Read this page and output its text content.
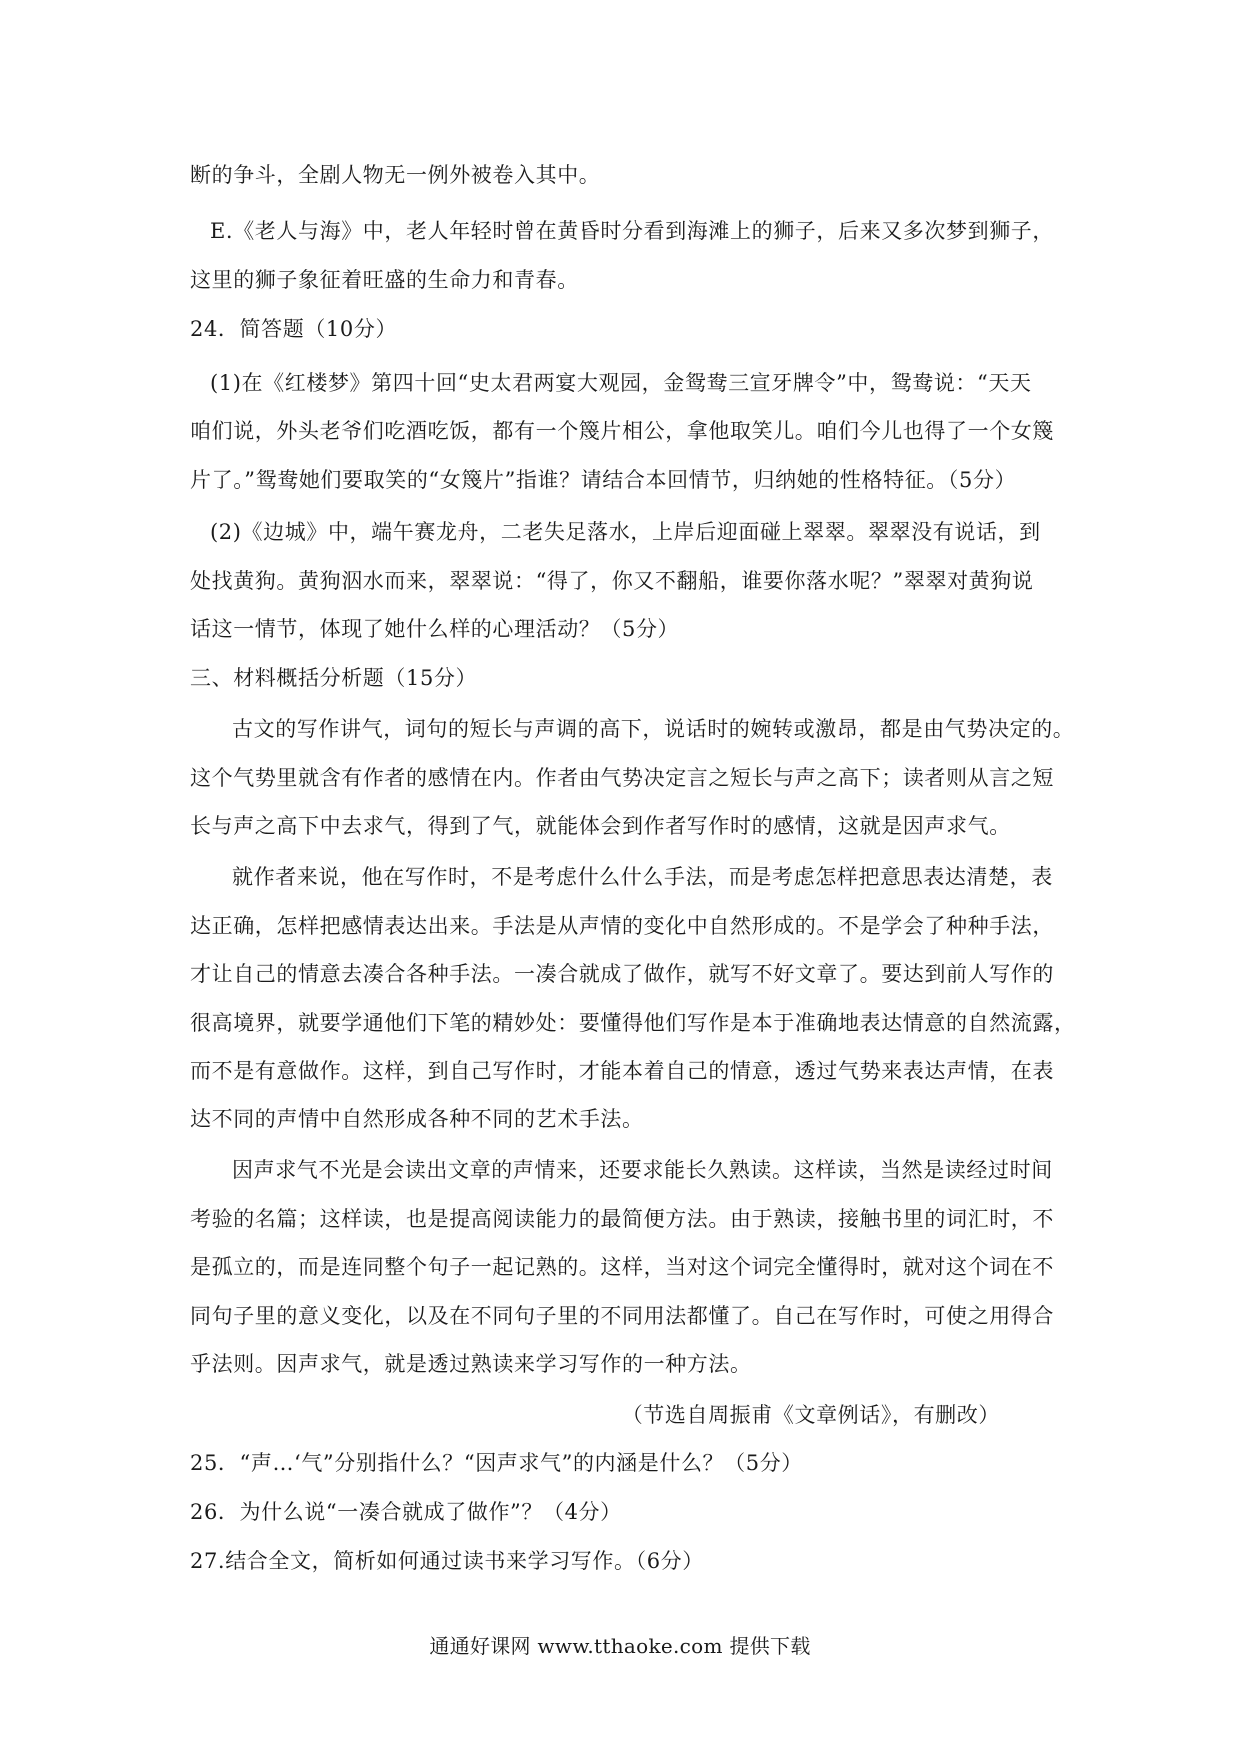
断的争斗，全剧人物无一例外被卷入其中。
E.《老人与海》中，老人年轻时曾在黄昏时分看到海滩上的狮子，后来又多次梦到狮子，
这里的狮子象征着旺盛的生命力和青春。
24．简答题（10分）
(1)在《红楼梦》第四十回“史太君两宴大观园，金鸳鸯三宣牙牌令”中，鸳鸯说：“天天
咱们说，外头老爷们吃酒吃饭，都有一个篾片相公，拿他取笑儿。咱们今儿也得了一个女篾
片了。”鸳鸯她们要取笑的“女篾片”指谁？请结合本回情节，归纳她的性格特征。（5分）
(2)《边城》中，端午赛龙舟，二老失足落水，上岸后迎面碰上翠翠。翠翠没有说话，到
处找黄狗。黄狗泅水而来，翠翠说：“得了，你又不翻船，谁要你落水呢？”翠翠对黄狗说
话这一情节，体现了她什么样的心理活动？（5分）
三、材料概括分析题（15分）
古文的写作讲气，词句的短长与声调的高下，说话时的婉转或激昂，都是由气势决定的。
这个气势里就含有作者的感情在内。作者由气势决定言之短长与声之高下；读者则从言之短
长与声之高下中去求气，得到了气，就能体会到作者写作时的感情，这就是因声求气。
就作者来说，他在写作时，不是考虑什么什么手法，而是考虑怎样把意思表达清楚，表
达正确，怎样把感情表达出来。手法是从声情的变化中自然形成的。不是学会了种种手法，
才让自己的情意去凑合各种手法。一凑合就成了做作，就写不好文章了。要达到前人写作的
很高境界，就要学通他们下笔的精妙处：要懂得他们写作是本于准确地表达情意的自然流露，
而不是有意做作。这样，到自己写作时，才能本着自己的情意，透过气势来表达声情，在表
达不同的声情中自然形成各种不同的艺术手法。
因声求气不光是会读出文章的声情来，还要求能长久熟读。这样读，当然是读经过时间
考验的名篇；这样读，也是提高阅读能力的最简便方法。由于熟读，接触书里的词汇时，不
是孤立的，而是连同整个句子一起记熟的。这样，当对这个词完全懂得时，就对这个词在不
同句子里的意义变化，以及在不同句子里的不同用法都懂了。自己在写作时，可使之用得合
乎法则。因声求气，就是透过熟读来学习写作的一种方法。
（节选自周振甫《文章例话》，有删改）
25．“声…‘气”分别指什么？“因声求气”的内涵是什么？（5分）
26．为什么说“一凑合就成了做作”？（4分）
27.结合全文，简析如何通过读书来学习写作。（6分）
通通好课网 www.tthaoke.com 提供下载
